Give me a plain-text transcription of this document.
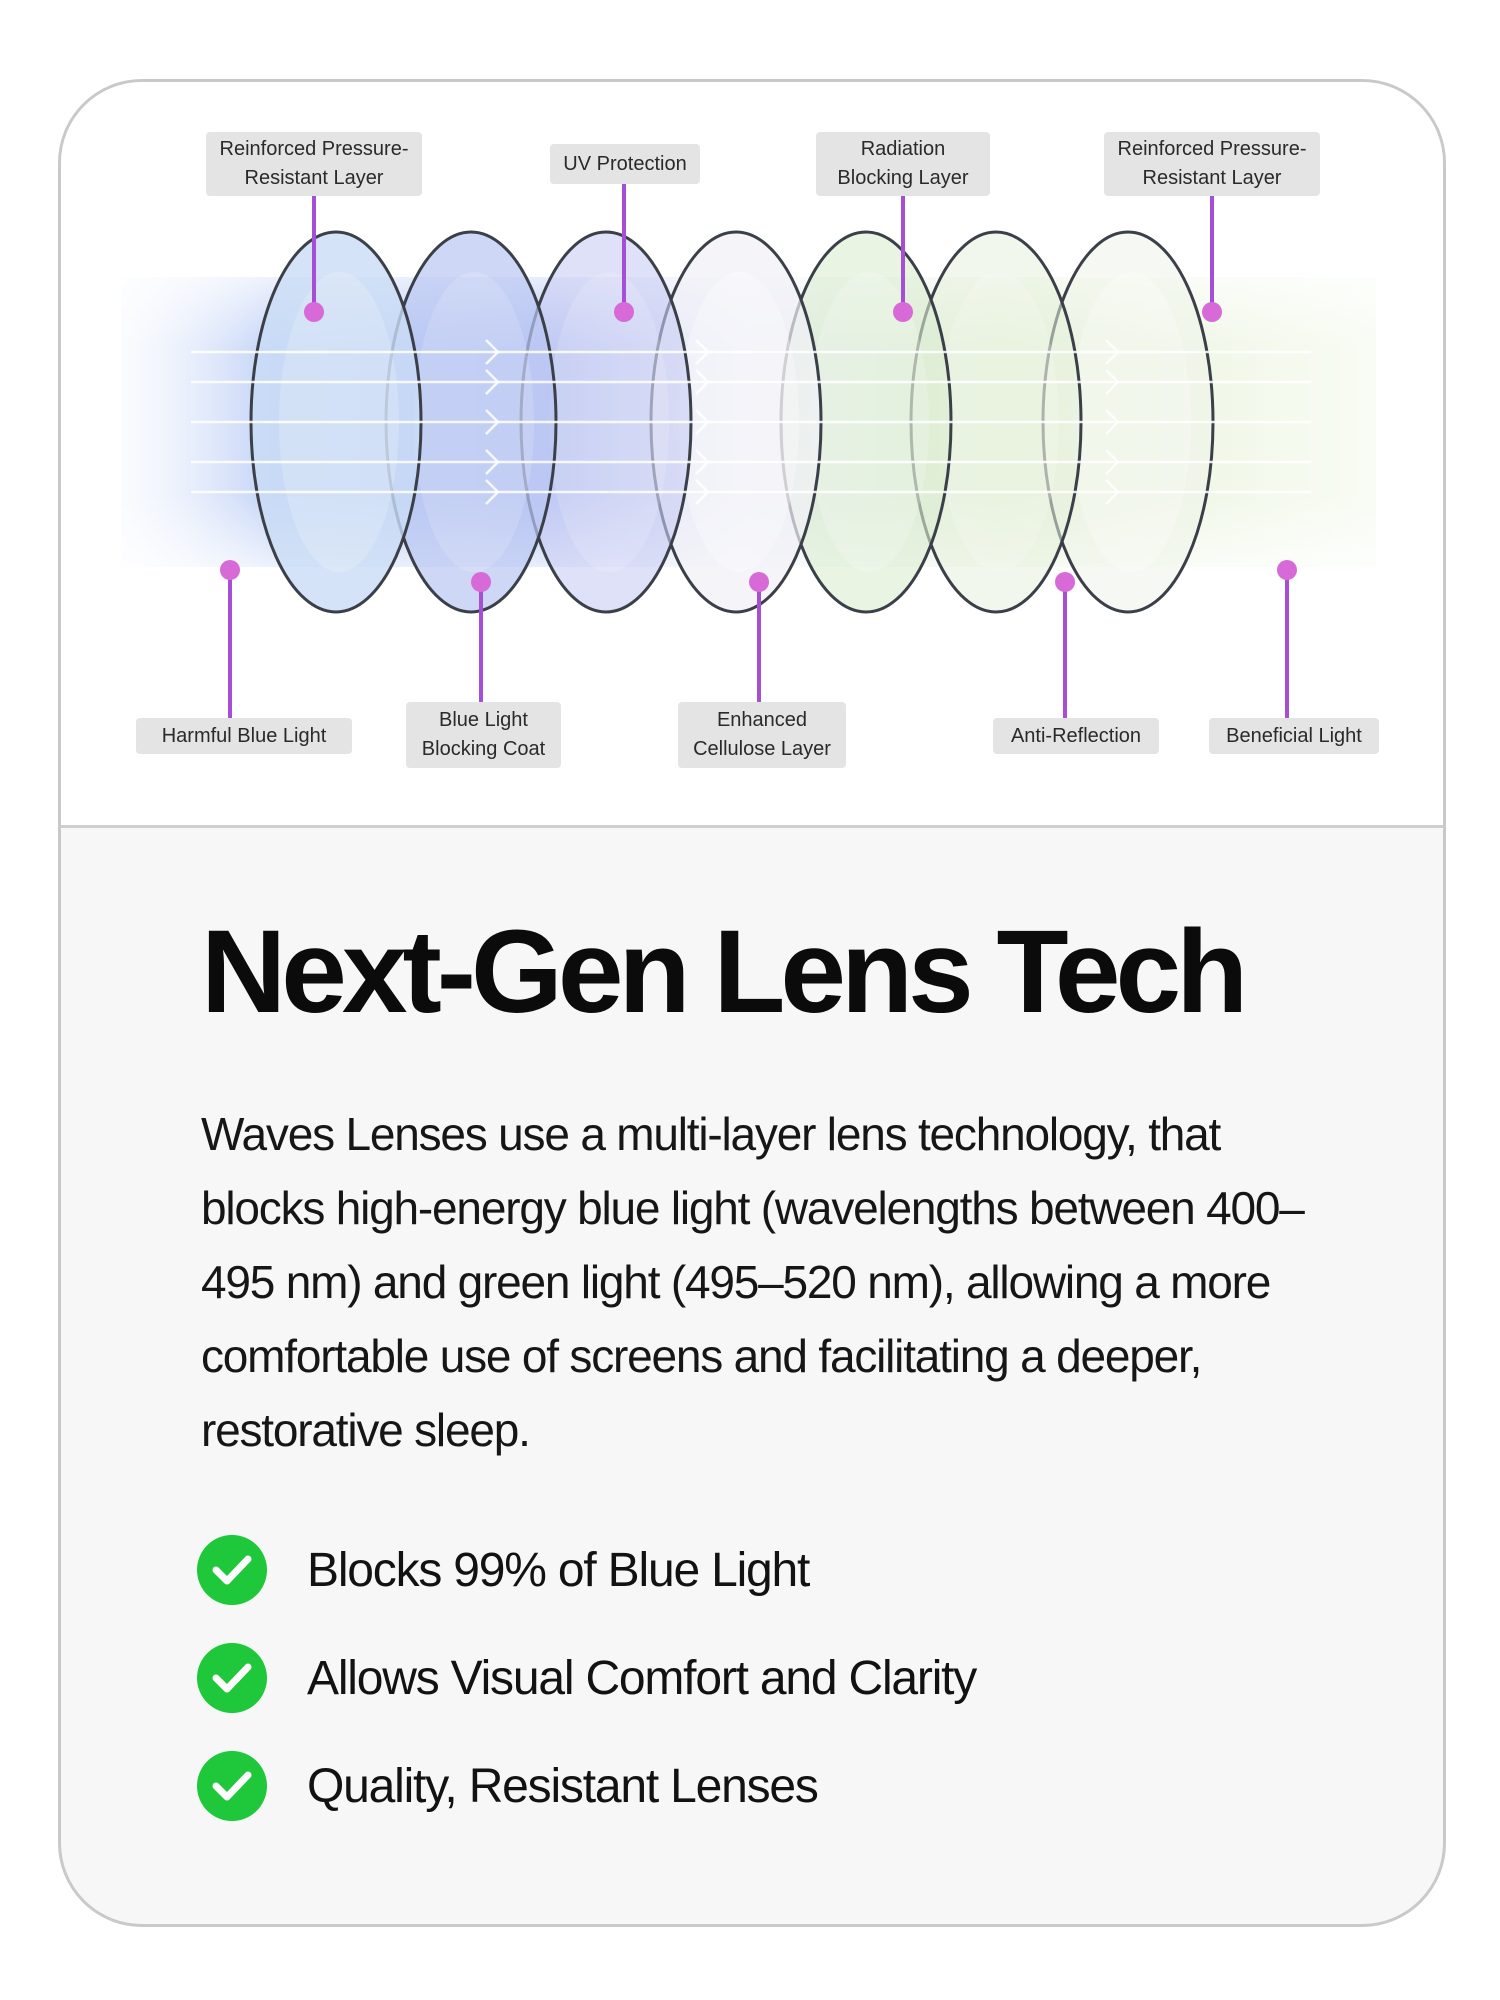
Reinforced Pressure-
Resistant Layer
UV Protection
Radiation
Blocking Layer
Reinforced Pressure-
Resistant Layer
Harmful Blue Light
Blue Light
Blocking Coat
Enhanced
Cellulose Layer
Anti-Reflection	Beneficial Light
Next-Gen Lens Tech

Waves Lenses use a multi-layer lens technology, that blocks high-energy blue light (wavelengths between 400–495 nm) and green light (495–520 nm), allowing a more comfortable use of screens and facilitating a deeper, restorative sleep.

Blocks 99% of Blue Light
Allows Visual Comfort and Clarity
Quality, Resistant Lenses
